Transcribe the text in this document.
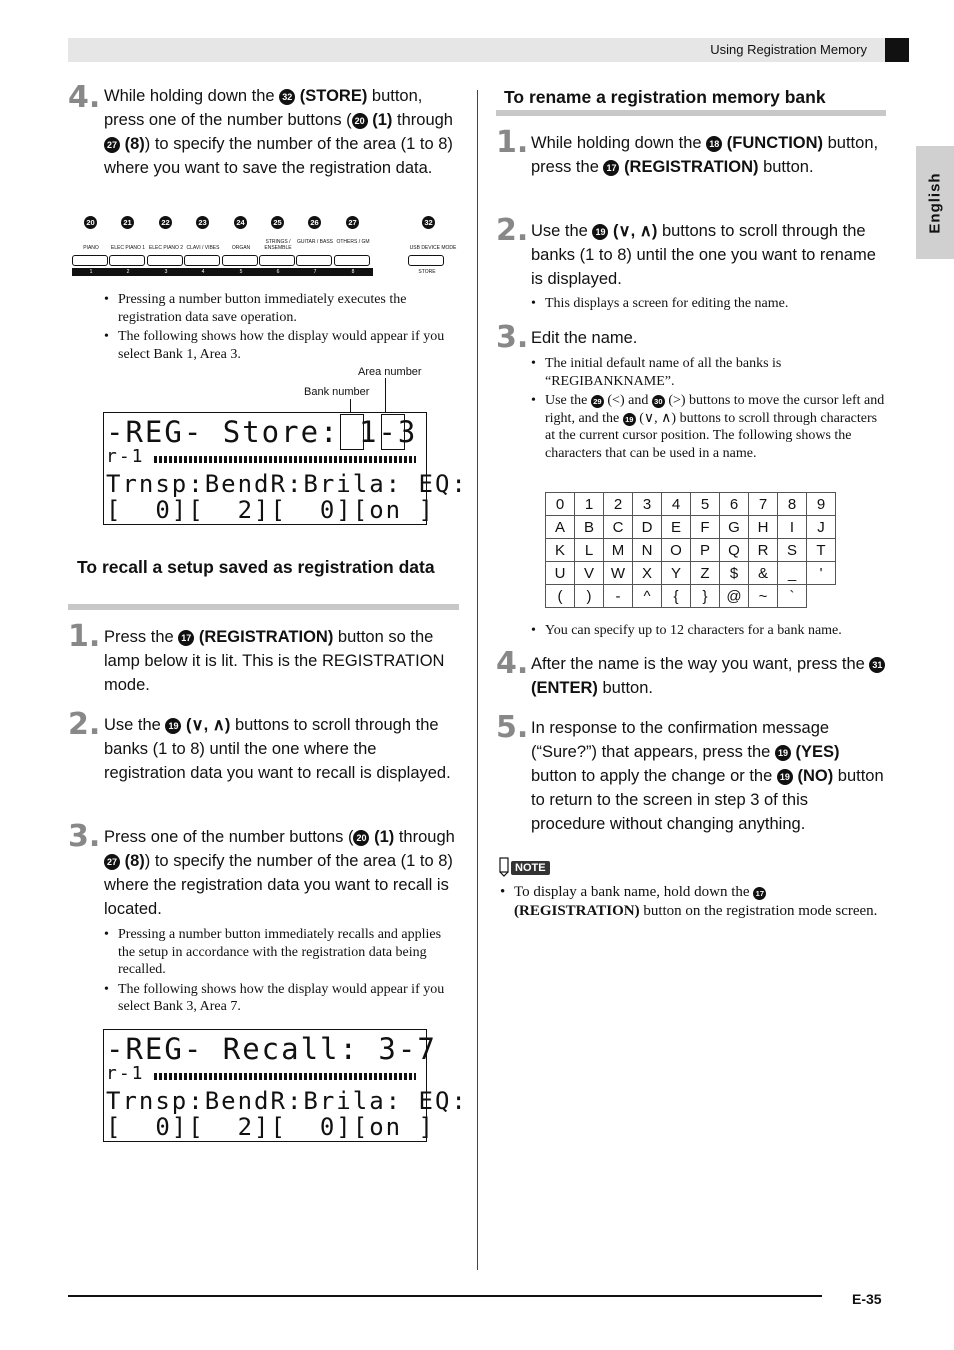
Using Registration Memory
English
4. While holding down the 32 (STORE) button, press one of the number buttons ( 20 (1) through 27 (8)) to specify the number of the area (1 to 8) where you want to save the registration data.
20	21	22	23	24	25	26	27	32
PIANO	ELEC PIANO 1 ELEC PIANO 2 CLAVI / VIBES	ORGAN
STRINGS / ENSEMBLE
GUITAR / BASS OTHERS / GM
USB DEVICE MODE
1	2	3	4	5	6	7	8	STORE
• Pressing a number button immediately executes the registration data save operation.
• The following shows how the display would appear if you select Bank 1, Area 3.
Area number
Bank number
-REG- Store: 1-3
r-1
Trnsp:BendR:Brila: EQ:
[  0][  2][  0][on ]
To recall a setup saved as registration data
1. Press the 17 (REGISTRATION) button so the lamp below it is lit. This is the REGISTRATION mode.
2. Use the 19 (∨, ∧) buttons to scroll through the banks (1 to 8) until the one where the registration data you want to recall is displayed.
3. Press one of the number buttons ( 20 (1) through 27 (8)) to specify the number of the area (1 to 8) where the registration data you want to recall is located.
• Pressing a number button immediately recalls and applies the setup in accordance with the registration data being recalled.
• The following shows how the display would appear if you select Bank 3, Area 7.
-REG- Recall: 3-7
r-1
Trnsp:BendR:Brila: EQ:
[  0][  2][  0][on ]
To rename a registration memory bank
1. While holding down the 18 (FUNCTION) button, press the 17 (REGISTRATION) button.
2. Use the 19 (∨, ∧) buttons to scroll through the banks (1 to 8) until the one you want to rename is displayed.
• This displays a screen for editing the name.
3. Edit the name.
• The initial default name of all the banks is “REGIBANKNAME”.
• Use the 29 (<) and 30 (>) buttons to move the cursor left and right, and the 19 (∨, ∧) buttons to scroll through characters at the current cursor position. The following shows the characters that can be used in a name.
0	1	2	3	4	5	6	7	8	9
A	B	C	D	E	F	G	H	I	J
K	L	M	N	O	P	Q	R	S	T
U	V	W	X	Y	Z	$	&	_	'
(	)	-	^	{	}	@	~	`	
• You can specify up to 12 characters for a bank name.
4. After the name is the way you want, press the 31 (ENTER) button.
5. In response to the confirmation message (“Sure?”) that appears, press the 19 (YES) button to apply the change or the 19 (NO) button to return to the screen in step 3 of this procedure without changing anything.
NOTE
• To display a bank name, hold down the 17 (REGISTRATION) button on the registration mode screen.
E-35
